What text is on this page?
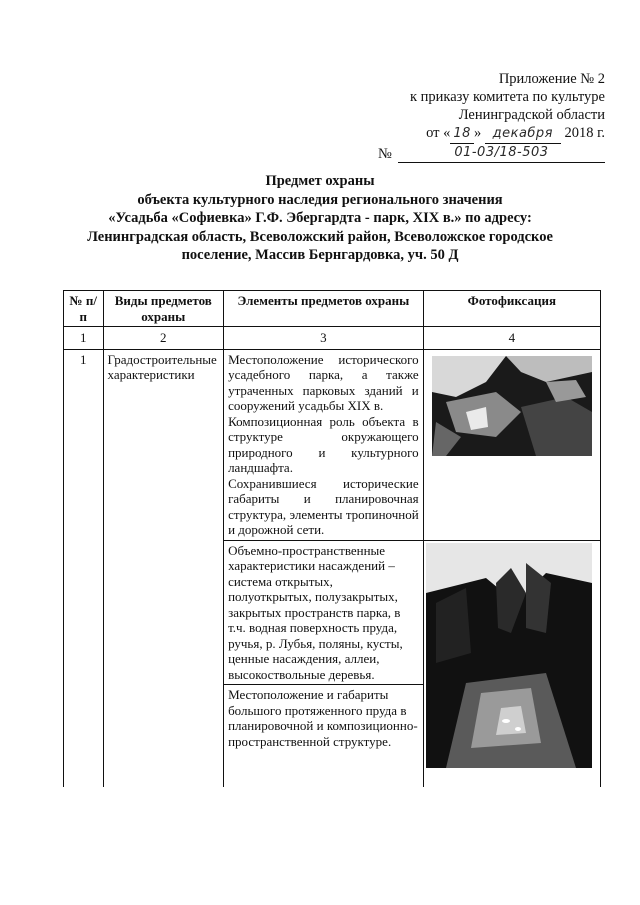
Приложение № 2
к приказу комитета по культуре
Ленинградской области
от « 18 » декабря 2018 г.
№	01-03/18-503
Предмет охраны
объекта культурного наследия регионального значения
«Усадьба «Софиевка» Г.Ф. Эбергардта - парк, XIX в.» по адресу:
Ленинградская область, Всеволожский район, Всеволожское городское
поселение, Массив Бернгардовка, уч. 50 Д
№ п/п	Виды предметов охраны	Элементы предметов охраны	Фотофиксация
1	2	3	4
1	Градостроительные характеристики	Местоположение исторического усадебного парка, а также утраченных парковых зданий и сооружений усадьбы XIX в.
Композиционная роль объекта в структуре окружающего природного и культурного ландшафта.
Сохранившиеся исторические габариты и планировочная структура, элементы тропиночной и дорожной сети.

		Объемно-пространственные характеристики насаждений – система открытых, полуоткрытых, полузакрытых, закрытых пространств парка, в т.ч. водная поверхность пруда, ручья, р. Лубья, поляны, кусты, ценные насаждения, аллеи, высокоствольные деревья.	

		Местоположение и габариты большого протяженного пруда в планировочной и композиционно-пространственной структуре.	
